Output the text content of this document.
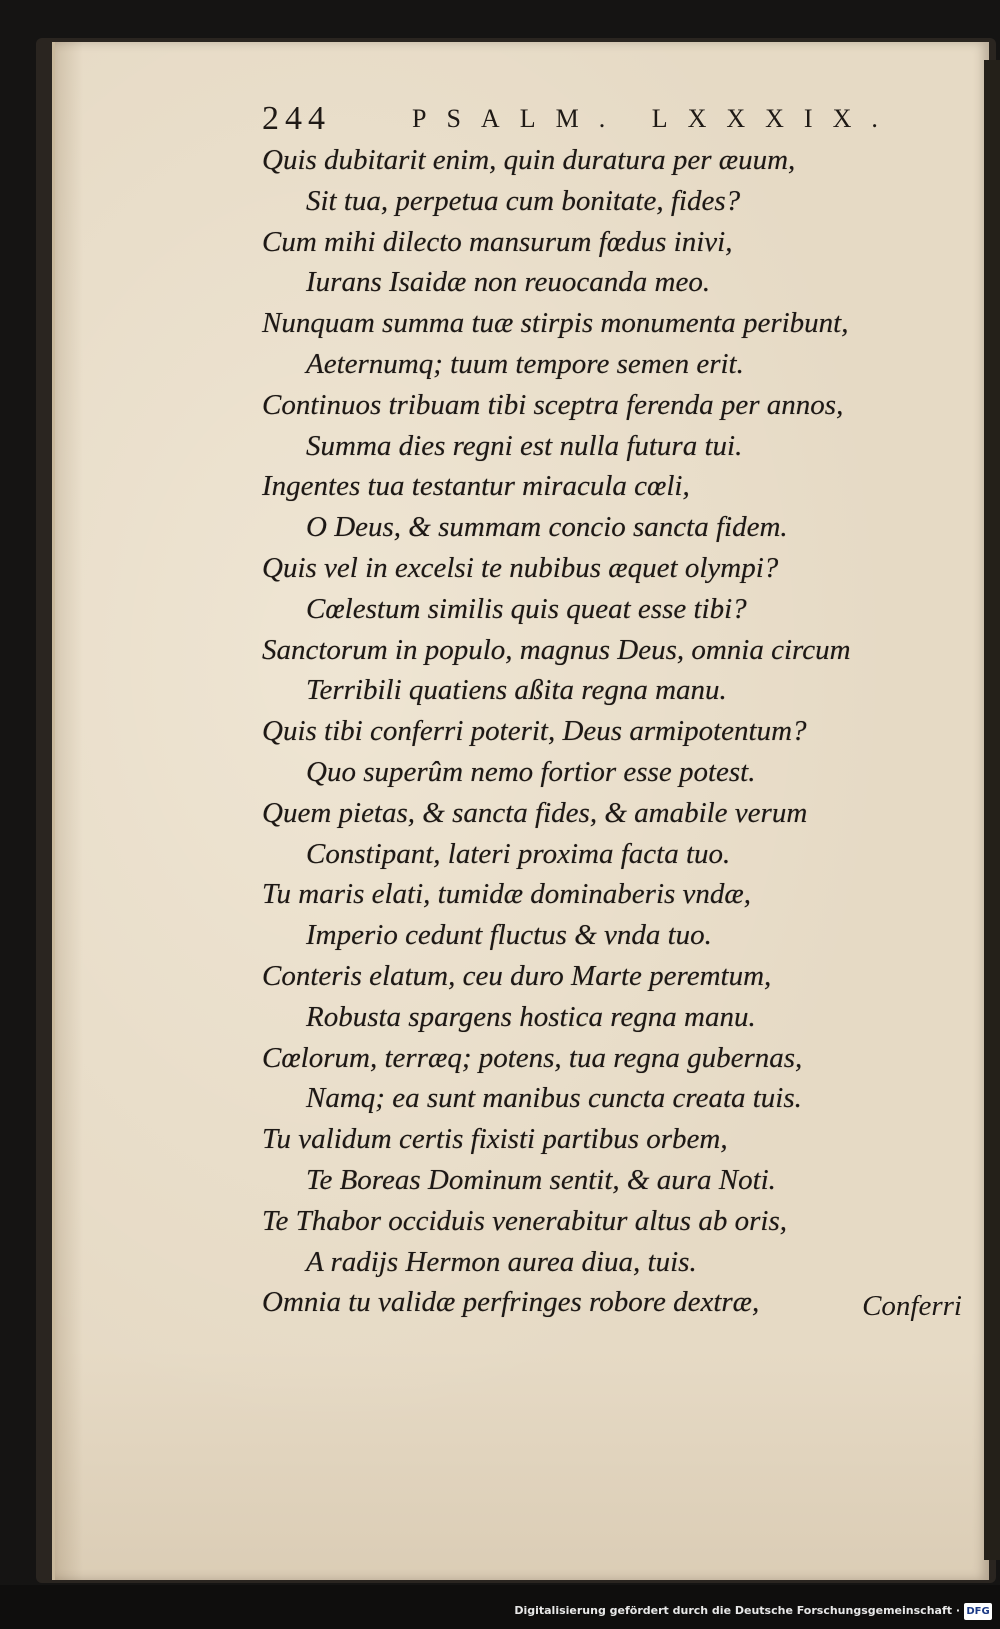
244	PSALM. LXXXIX.
Quis dubitarit enim, quin duratura per æuum,
Sit tua, perpetua cum bonitate, fides?
Cum mihi dilecto mansurum fœdus inivi,
Iurans Isaidæ non reuocanda meo.
Nunquam summa tuæ stirpis monumenta peribunt,
Aeternumq; tuum tempore semen erit.
Continuos tribuam tibi sceptra ferenda per annos,
Summa dies regni est nulla futura tui.
Ingentes tua testantur miracula cœli,
O Deus, & summam concio sancta fidem.
Quis vel in excelsi te nubibus æquet olympi?
Cœlestum similis quis queat esse tibi?
Sanctorum in populo, magnus Deus, omnia circum
Terribili quatiens aßita regna manu.
Quis tibi conferri poterit, Deus armipotentum?
Quo superûm nemo fortior esse potest.
Quem pietas, & sancta fides, & amabile verum
Constipant, lateri proxima facta tuo.
Tu maris elati, tumidæ dominaberis vndæ,
Imperio cedunt fluctus & vnda tuo.
Conteris elatum, ceu duro Marte peremtum,
Robusta spargens hostica regna manu.
Cœlorum, terræq; potens, tua regna gubernas,
Namq; ea sunt manibus cuncta creata tuis.
Tu validum certis fixisti partibus orbem,
Te Boreas Dominum sentit, & aura Noti.
Te Thabor occiduis venerabitur altus ab oris,
A radijs Hermon aurea diua, tuis.
Omnia tu validæ perfringes robore dextræ,	Conferri
Digitalisierung gefördert durch die Deutsche Forschungsgemeinschaft · DFG
